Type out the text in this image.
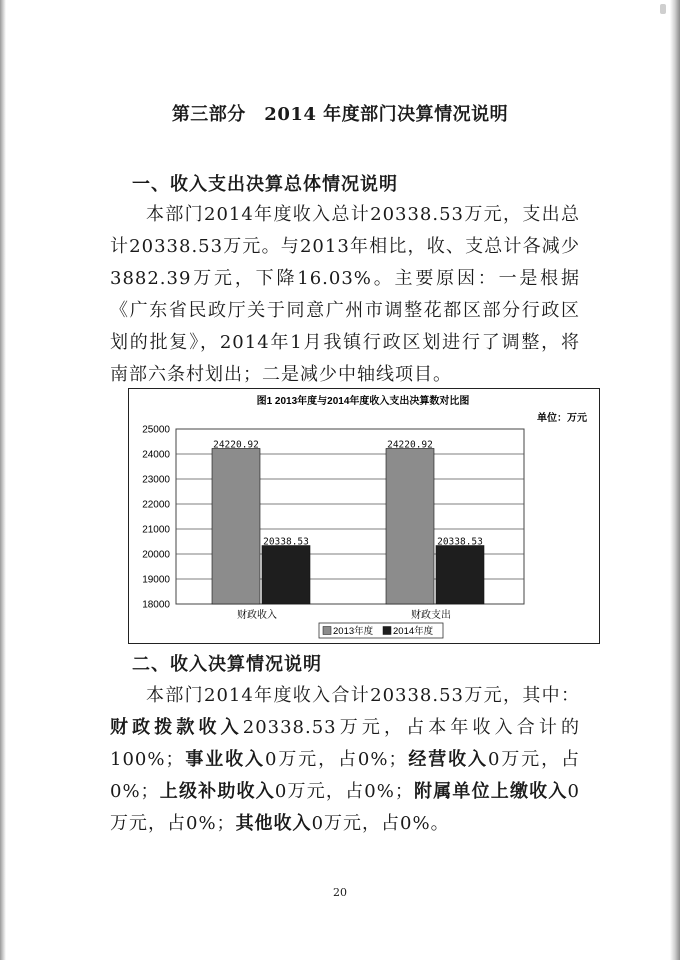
第三部分　2014 年度部门决算情况说明
一、收入支出决算总体情况说明
本部门2014年度收入总计20338.53万元，支出总计20338.53万元。与2013年相比，收、支总计各减少3882.39万元，下降16.03%。主要原因：一是根据《广东省民政厅关于同意广州市调整花都区部分行政区划的批复》，2014年1月我镇行政区划进行了调整，将南部六条村划出；二是减少中轴线项目。
图1 2013年度与2014年度收入支出决算数对比图
单位：万元
18000
19000
20000
21000
22000
23000
24000
25000
24220.92
20338.53
24220.92
20338.53
财政收入	财政支出
2013年度 2014年度
二、收入决算情况说明
本部门2014年度收入合计20338.53万元，其中：财政拨款收入20338.53万元，占本年收入合计的100%；事业收入0万元，占0%；经营收入0万元，占0%；上级补助收入0万元，占0%；附属单位上缴收入0万元，占0%；其他收入0万元，占0%。
20
